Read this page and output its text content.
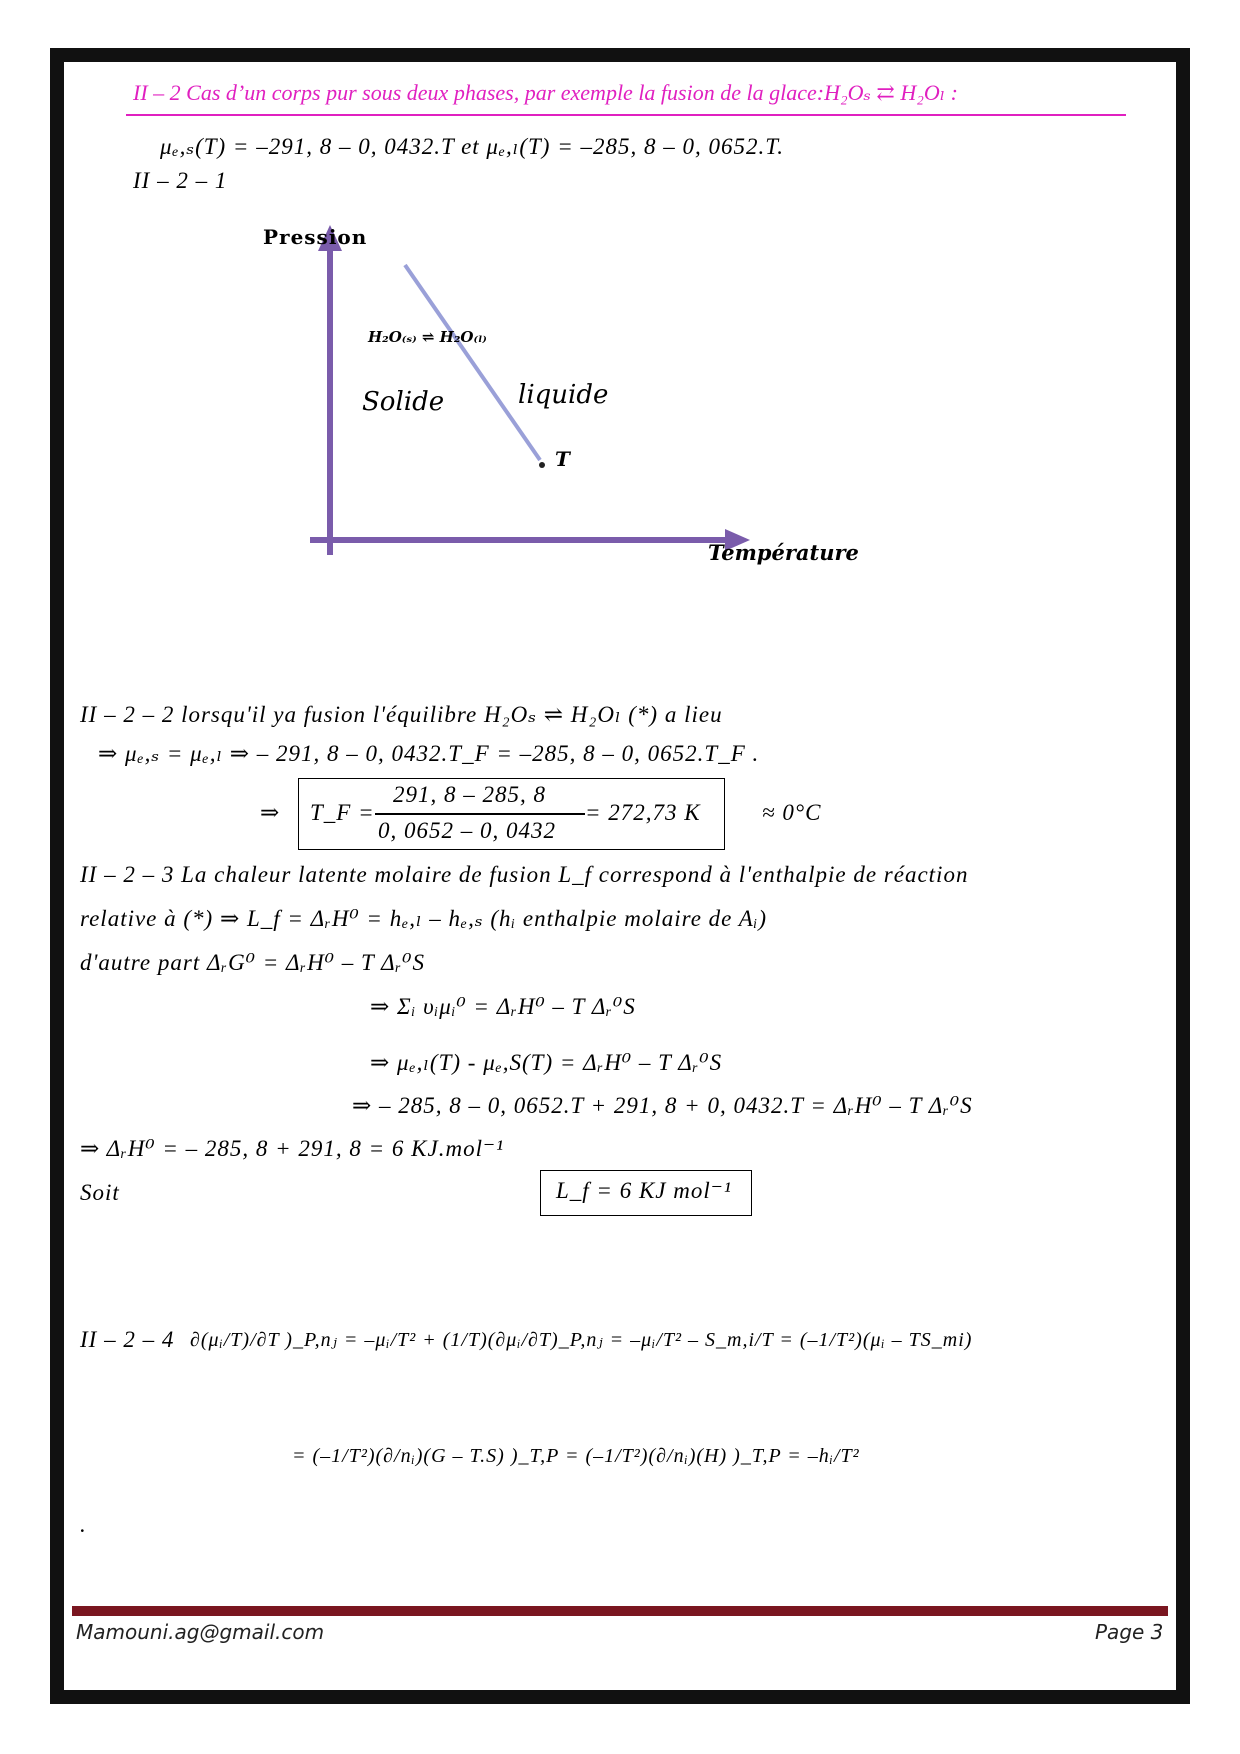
II – 2 Cas d’un corps pur sous deux phases, par exemple la fusion de la glace:H₂Oₛ ⇄ H₂Oₗ :
μₑ,ₛ(T) = –291, 8 – 0, 0432.T et μₑ,ₗ(T) = –285, 8 – 0, 0652.T.
II – 2 – 1
Pression
Température
H₂O₍ₛ₎ ⇌ H₂O₍ₗ₎
Solide	liquide
T
II – 2 – 2 lorsqu'il ya fusion l'équilibre H₂Oₛ ⇌ H₂Oₗ (*) a lieu
⇒ μₑ,ₛ = μₑ,ₗ ⇒ – 291, 8 – 0, 0432.T_F = –285, 8 – 0, 0652.T_F .
⇒ T_F =
291, 8 – 285, 8
0, 0652 – 0, 0432
= 272,73 K	≈ 0°C
II – 2 – 3 La chaleur latente molaire de fusion L_f correspond à l'enthalpie de réaction
relative à (*) ⇒ L_f = ΔᵣH⁰ = hₑ,ₗ – hₑ,ₛ (hᵢ enthalpie molaire de Aᵢ)
d'autre part ΔᵣG⁰ = ΔᵣH⁰ – T Δᵣ⁰S
⇒ Σᵢ υᵢμᵢ⁰ = ΔᵣH⁰ – T Δᵣ⁰S
⇒ μₑ,ₗ(T) - μₑ,S(T) = ΔᵣH⁰ – T Δᵣ⁰S
⇒ – 285, 8 – 0, 0652.T + 291, 8 + 0, 0432.T = ΔᵣH⁰ – T Δᵣ⁰S
⇒ ΔᵣH⁰ = – 285, 8 + 291, 8 = 6 KJ.mol⁻¹
Soit	L_f = 6 KJ mol⁻¹
II – 2 – 4 ∂(μᵢ/T)/∂T )_P,nⱼ = –μᵢ/T² + (1/T)(∂μᵢ/∂T)_P,nⱼ = –μᵢ/T² – S_m,i/T = (–1/T²)(μᵢ – TS_mi)
= (–1/T²)(∂/nᵢ)(G – T.S) )_T,P = (–1/T²)(∂/nᵢ)(H) )_T,P = –hᵢ/T²
.
Mamouni.ag@gmail.com	Page 3
